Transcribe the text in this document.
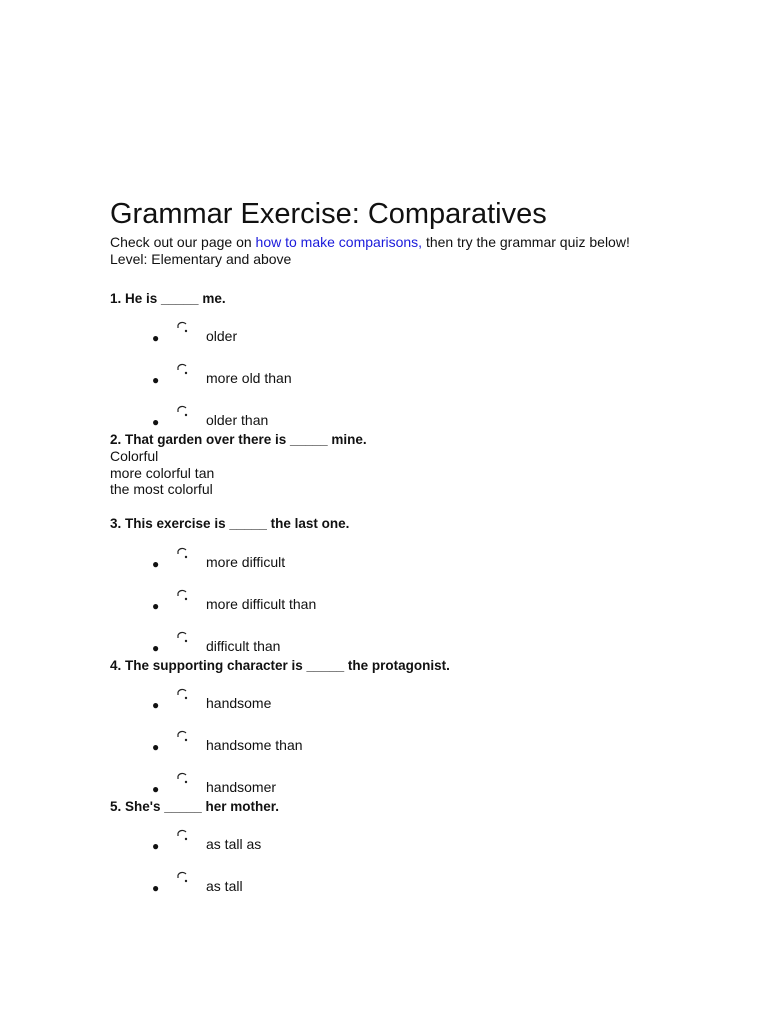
Grammar Exercise: Comparatives

Check out our page on how to make comparisons, then try the grammar quiz below!

Level: Elementary and above

1. He is _____ me.

●	older
●	more old than
●	older than

2. That garden over there is _____ mine.

Colorful
more colorful tan
the most colorful

3. This exercise is _____ the last one.

●	more difficult
●	more difficult than
●	difficult than

4. The supporting character is _____ the protagonist.

●	handsome
●	handsome than
●	handsomer

5. She's _____ her mother.

●	as tall as
●	as tall
